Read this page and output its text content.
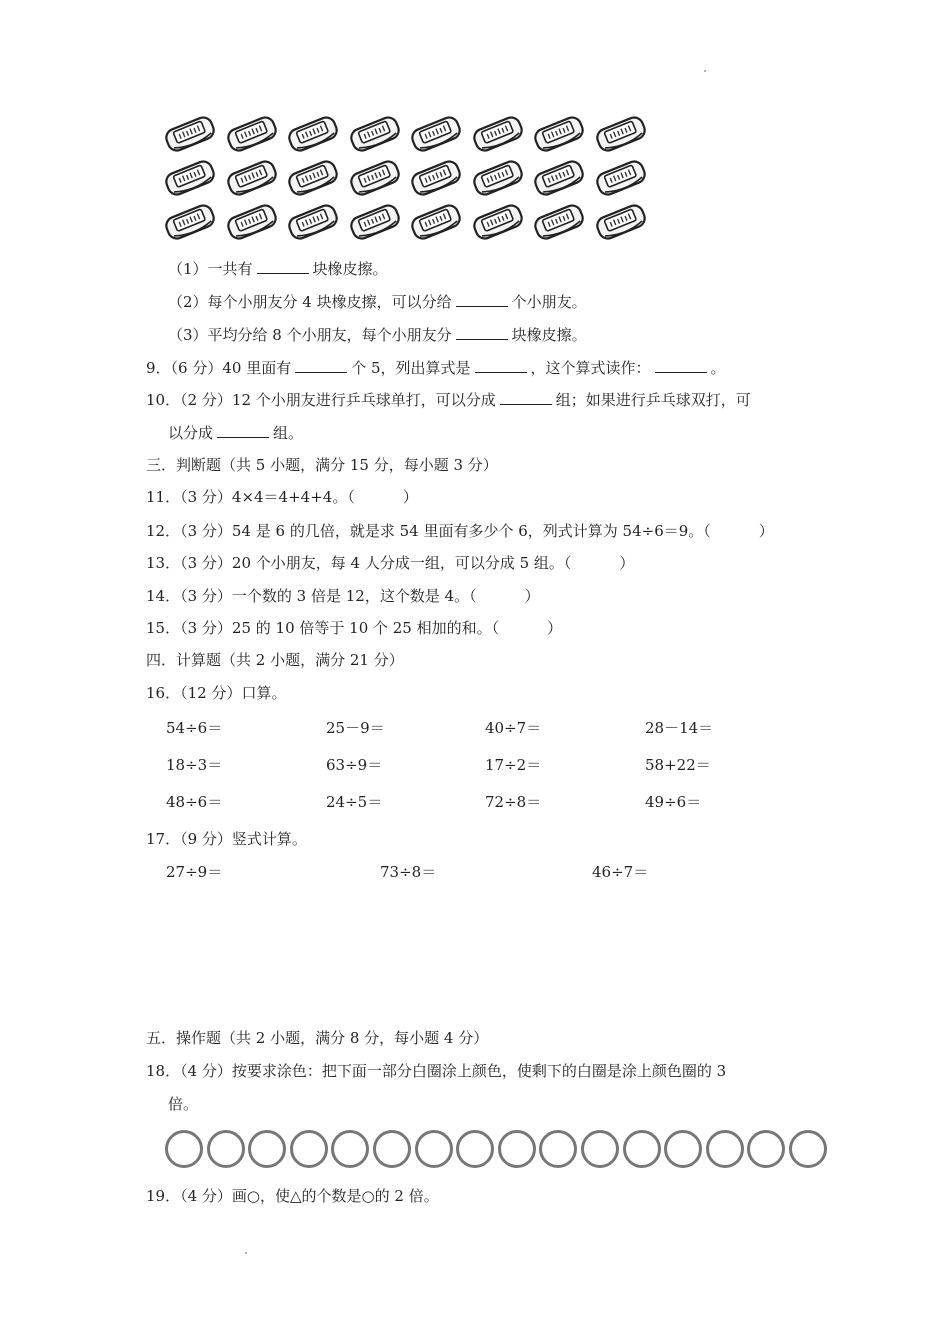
（1）一共有	块橡皮擦。
（2）每个小朋友分 4 块橡皮擦，可以分给	个小朋友。
（3）平均分给 8 个小朋友，每个小朋友分	块橡皮擦。
9．（6 分）40 里面有	个 5，列出算式是	，这个算式读作：	。
10．（2 分）12 个小朋友进行乒乓球单打，可以分成	组；如果进行乒乓球双打，可
以分成	组。
三．判断题（共 5 小题，满分 15 分，每小题 3 分）
11．（3 分）4×4＝4+4+4。（	）
12．（3 分）54 是 6 的几倍，就是求 54 里面有多少个 6，列式计算为 54÷6＝9。（	）
13．（3 分）20 个小朋友，每 4 人分成一组，可以分成 5 组。（	）
14．（3 分）一个数的 3 倍是 12，这个数是 4。（	）
15．（3 分）25 的 10 倍等于 10 个 25 相加的和。（	）
四．计算题（共 2 小题，满分 21 分）
16．（12 分）口算。
54÷6＝	25－9＝	40÷7＝	28－14＝
18÷3＝	63÷9＝	17÷2＝	58+22＝
48÷6＝	24÷5＝	72÷8＝	49÷6＝
17．（9 分）竖式计算。
27÷9＝	73÷8＝	46÷7＝
五．操作题（共 2 小题，满分 8 分，每小题 4 分）
18．（4 分）按要求涂色：把下面一部分白圈涂上颜色，使剩下的白圈是涂上颜色圈的 3
倍。
19．（4 分）画○，使△的个数是○的 2 倍。
